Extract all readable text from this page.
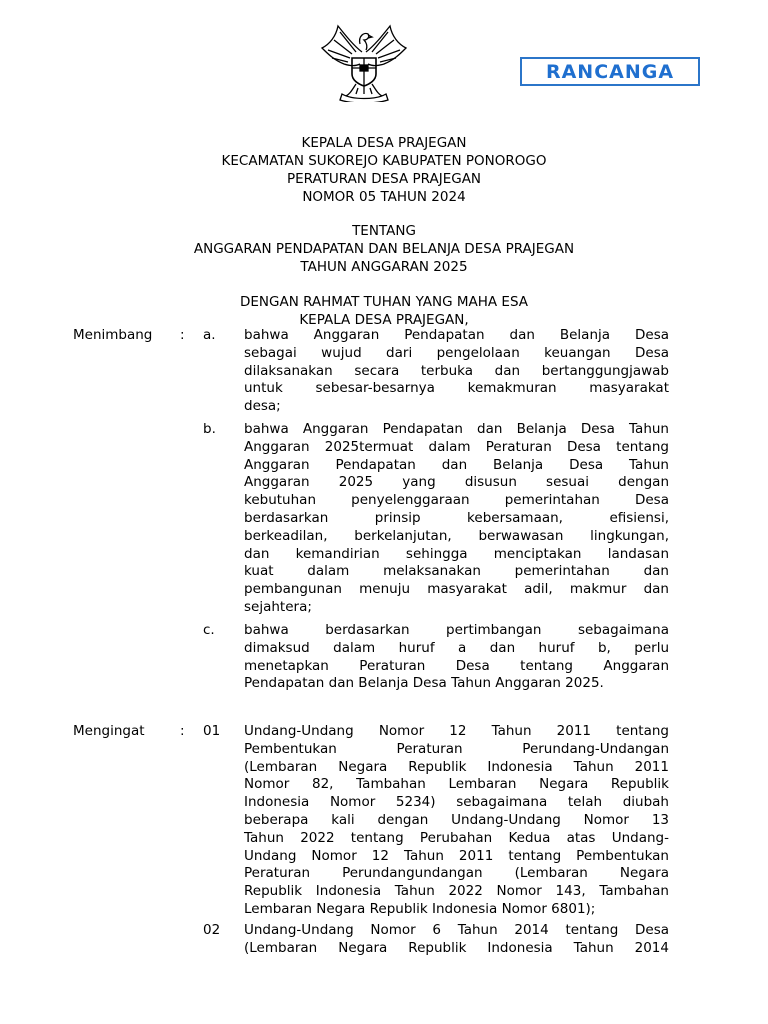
RANCANGA
KEPALA DESA PRAJEGAN
KECAMATAN SUKOREJO KABUPATEN PONOROGO
PERATURAN DESA PRAJEGAN
NOMOR 05 TAHUN 2024
TENTANG
ANGGARAN PENDAPATAN DAN BELANJA DESA PRAJEGAN
TAHUN ANGGARAN 2025
DENGAN RAHMAT TUHAN YANG MAHA ESA
KEPALA DESA PRAJEGAN,
Menimbang : a. bahwa Anggaran Pendapatan dan Belanja Desa
sebagai wujud dari pengelolaan keuangan Desa
dilaksanakan secara terbuka dan bertanggungjawab
untuk sebesar-besarnya kemakmuran masyarakat
desa;
b. bahwa Anggaran Pendapatan dan Belanja Desa Tahun
Anggaran 2025termuat dalam Peraturan Desa tentang
Anggaran Pendapatan dan Belanja Desa Tahun
Anggaran 2025 yang disusun sesuai dengan
kebutuhan penyelenggaraan pemerintahan Desa
berdasarkan prinsip kebersamaan, efisiensi,
berkeadilan, berkelanjutan, berwawasan lingkungan,
dan kemandirian sehingga menciptakan landasan
kuat dalam melaksanakan pemerintahan dan
pembangunan menuju masyarakat adil, makmur dan
sejahtera;
c. bahwa berdasarkan pertimbangan sebagaimana
dimaksud dalam huruf a dan huruf b, perlu
menetapkan Peraturan Desa tentang Anggaran
Pendapatan dan Belanja Desa Tahun Anggaran 2025.
Mengingat	: 01 Undang-Undang Nomor 12 Tahun 2011 tentang
Pembentukan Peraturan Perundang-Undangan
(Lembaran Negara Republik Indonesia Tahun 2011
Nomor 82, Tambahan Lembaran Negara Republik
Indonesia Nomor 5234) sebagaimana telah diubah
beberapa kali dengan Undang-Undang Nomor 13
Tahun 2022 tentang Perubahan Kedua atas Undang-
Undang Nomor 12 Tahun 2011 tentang Pembentukan
Peraturan Perundangundangan (Lembaran Negara
Republik Indonesia Tahun 2022 Nomor 143, Tambahan
Lembaran Negara Republik Indonesia Nomor 6801);
02 Undang-Undang Nomor 6 Tahun 2014 tentang Desa
(Lembaran Negara Republik Indonesia Tahun 2014
